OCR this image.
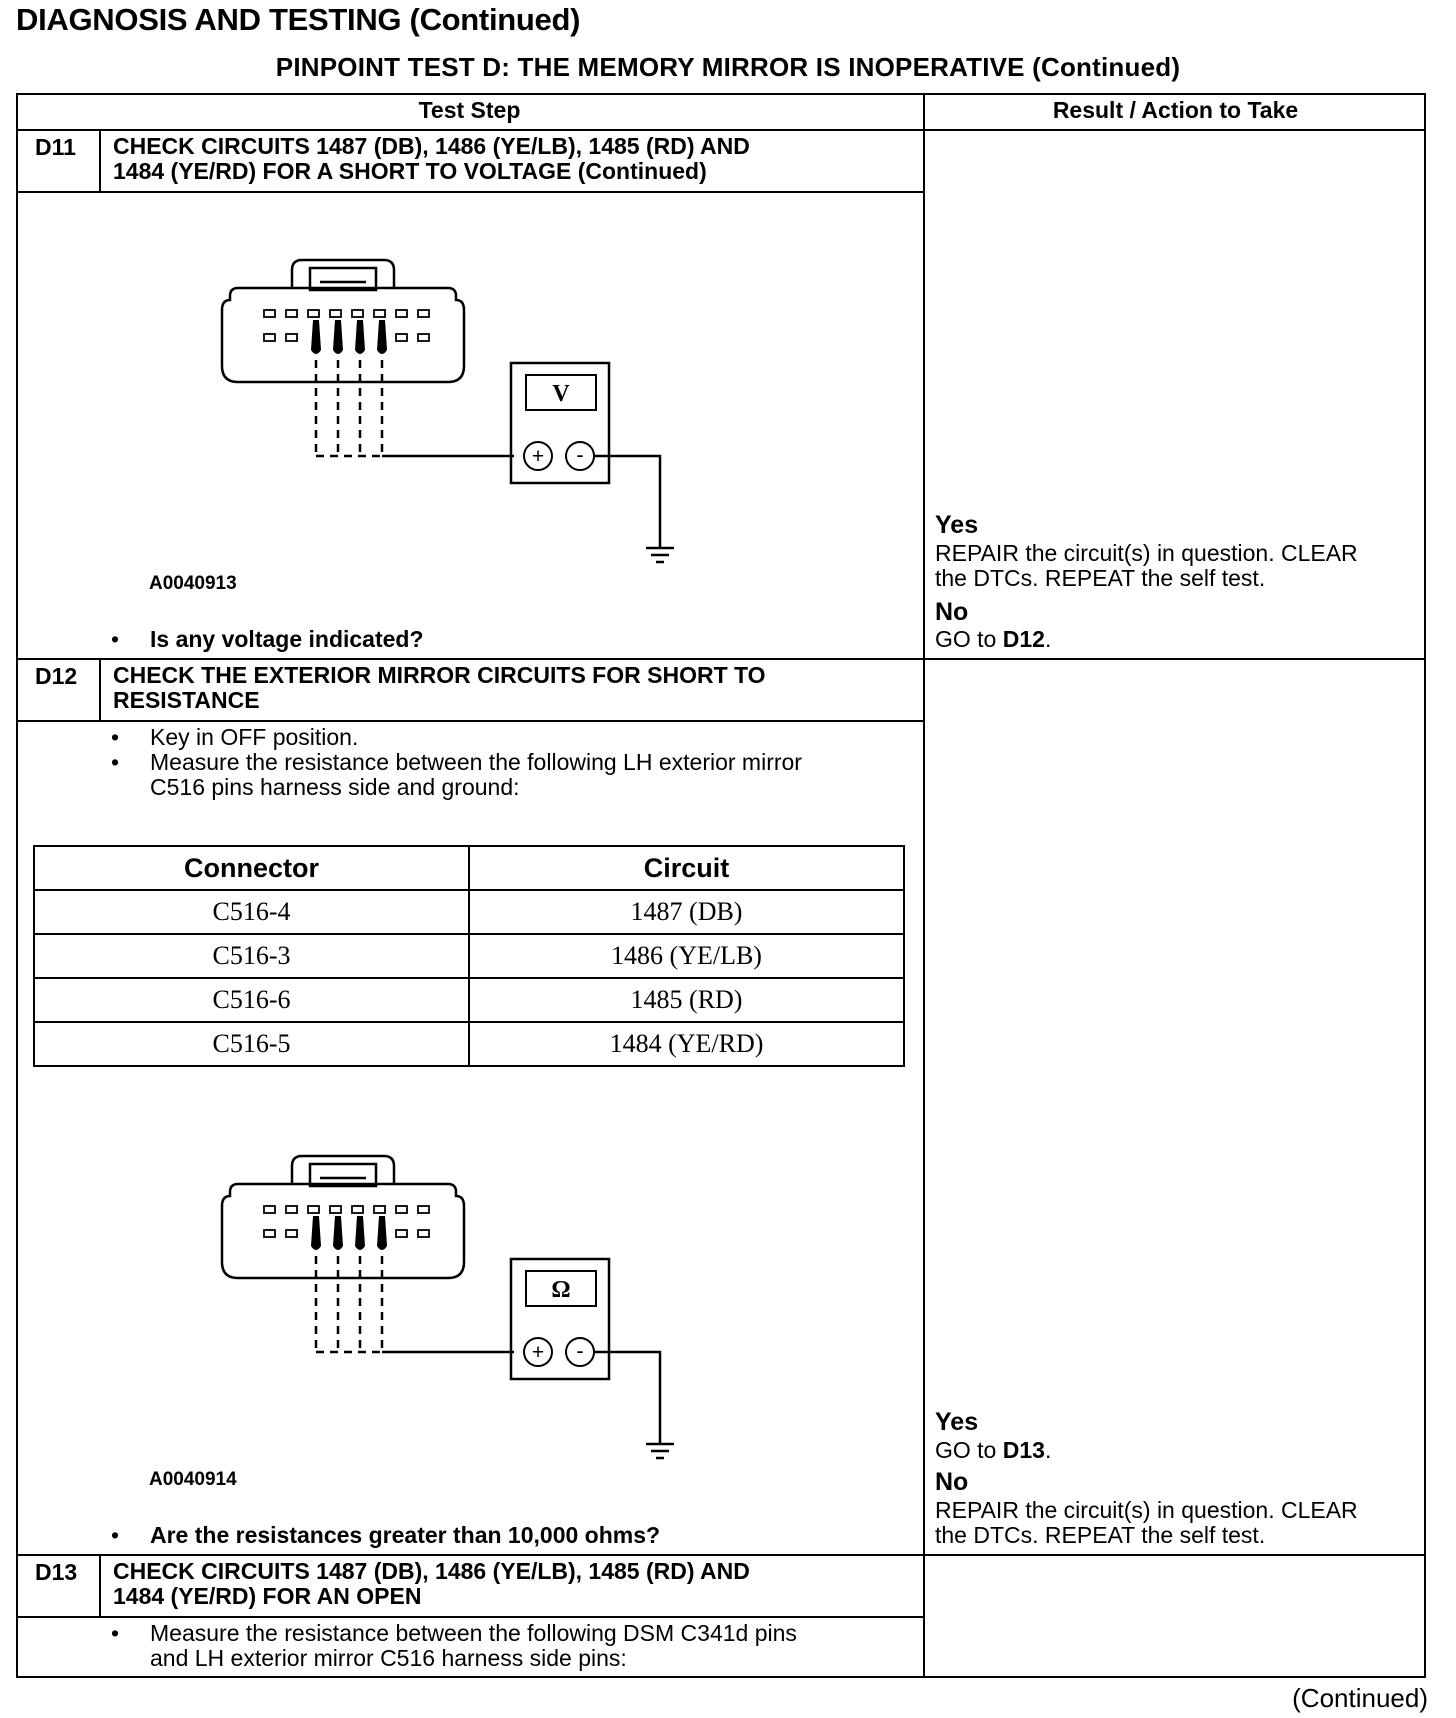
DIAGNOSIS AND TESTING (Continued)
PINPOINT TEST D: THE MEMORY MIRROR IS INOPERATIVE (Continued)
Test Step	Result / Action to Take
D11 CHECK CIRCUITS 1487 (DB), 1486 (YE/LB), 1485 (RD) AND
1484 (YE/RD) FOR A SHORT TO VOLTAGE (Continued)
V
+ -
A0040913
• Is any voltage indicated?
Yes
REPAIR the circuit(s) in question. CLEAR
the DTCs. REPEAT the self test.
No
GO to D12.
D12 CHECK THE EXTERIOR MIRROR CIRCUITS FOR SHORT TO
RESISTANCE
• Key in OFF position.
• Measure the resistance between the following LH exterior mirror
C516 pins harness side and ground:
Connector	Circuit
C516-4	1487 (DB)
C516-3	1486 (YE/LB)
C516-6	1485 (RD)
C516-5	1484 (YE/RD)
Ω
+ -
A0040914
• Are the resistances greater than 10,000 ohms?
Yes
GO to D13.
No
REPAIR the circuit(s) in question. CLEAR
the DTCs. REPEAT the self test.
D13 CHECK CIRCUITS 1487 (DB), 1486 (YE/LB), 1485 (RD) AND
1484 (YE/RD) FOR AN OPEN
• Measure the resistance between the following DSM C341d pins
and LH exterior mirror C516 harness side pins:
(Continued)
